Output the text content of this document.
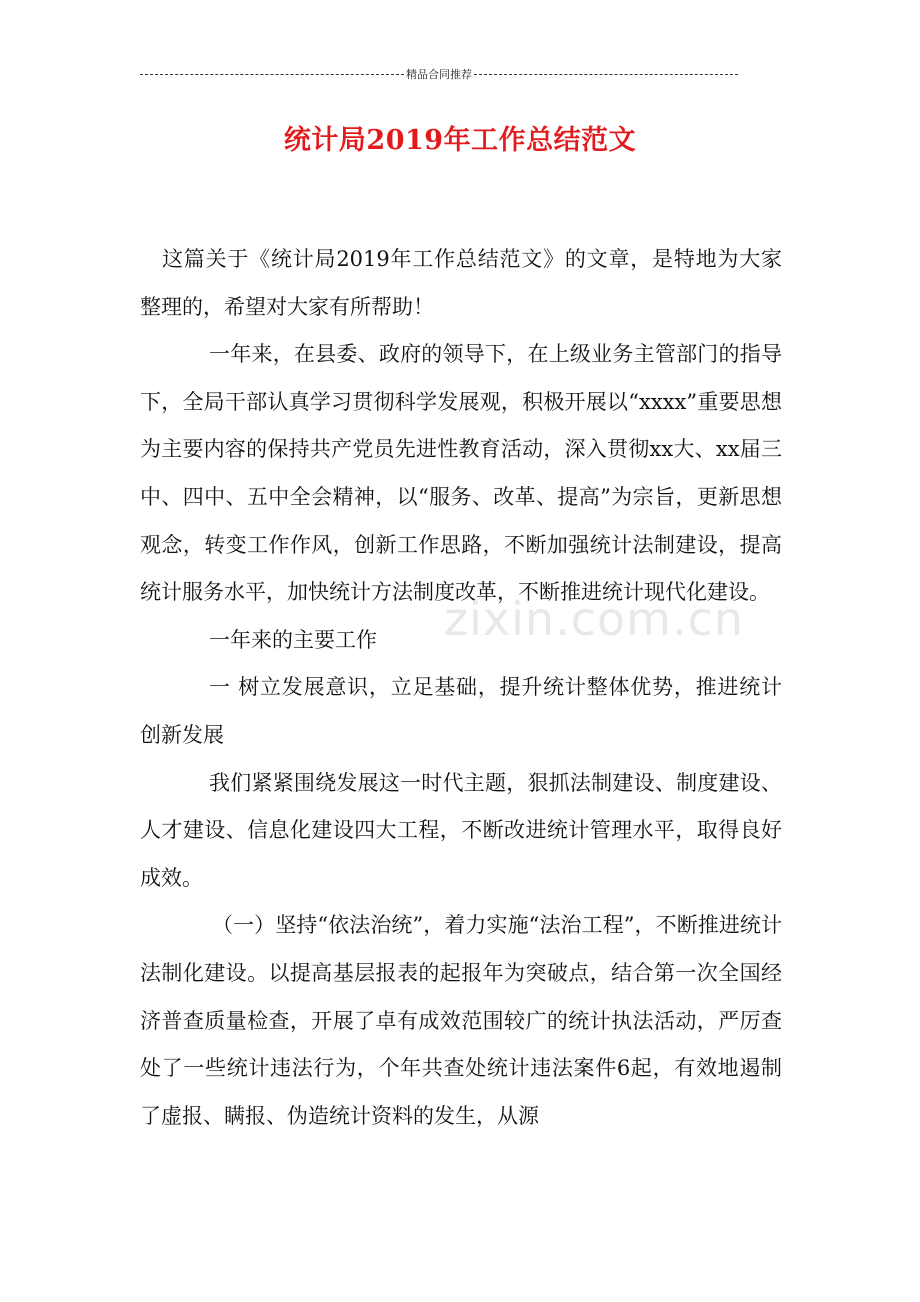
精品合同推荐
统计局2019年工作总结范文

这篇关于《统计局2019年工作总结范文》的文章，是特地为大家整理的，希望对大家有所帮助！

一年来，在县委、政府的领导下，在上级业务主管部门的指导下，全局干部认真学习贯彻科学发展观，积极开展以“xxxx”重要思想为主要内容的保持共产党员先进性教育活动，深入贯彻xx大、xx届三中、四中、五中全会精神，以“服务、改革、提高”为宗旨，更新思想观念，转变工作作风，创新工作思路，不断加强统计法制建设，提高统计服务水平，加快统计方法制度改革，不断推进统计现代化建设。

一年来的主要工作

一 树立发展意识，立足基础，提升统计整体优势，推进统计创新发展

我们紧紧围绕发展这一时代主题，狠抓法制建设、制度建设、人才建设、信息化建设四大工程，不断改进统计管理水平，取得良好成效。

（一）坚持“依法治统”，着力实施“法治工程”，不断推进统计法制化建设。以提高基层报表的起报年为突破点，结合第一次全国经济普查质量检查，开展了卓有成效范围较广的统计执法活动，严厉查处了一些统计违法行为，个年共查处统计违法案件6起，有效地遏制了虚报、瞒报、伪造统计资料的发生，从源

zixin.com.cn
